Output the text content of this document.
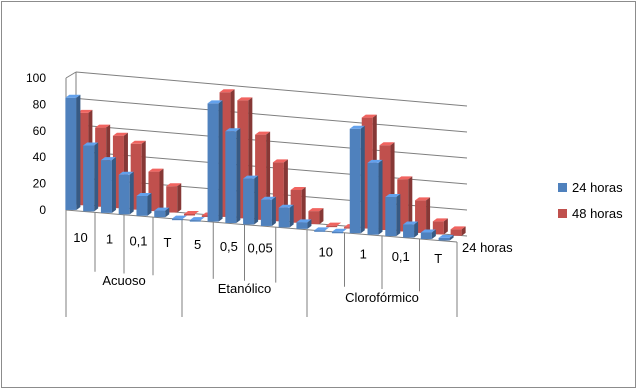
0
20
40
60
80
100
10 1 0,1 T
Acuoso
5 0,5 0,05
Etanólico
10 1 0,1 T
Clorofórmico
24 horas
48 horas
24 horas
